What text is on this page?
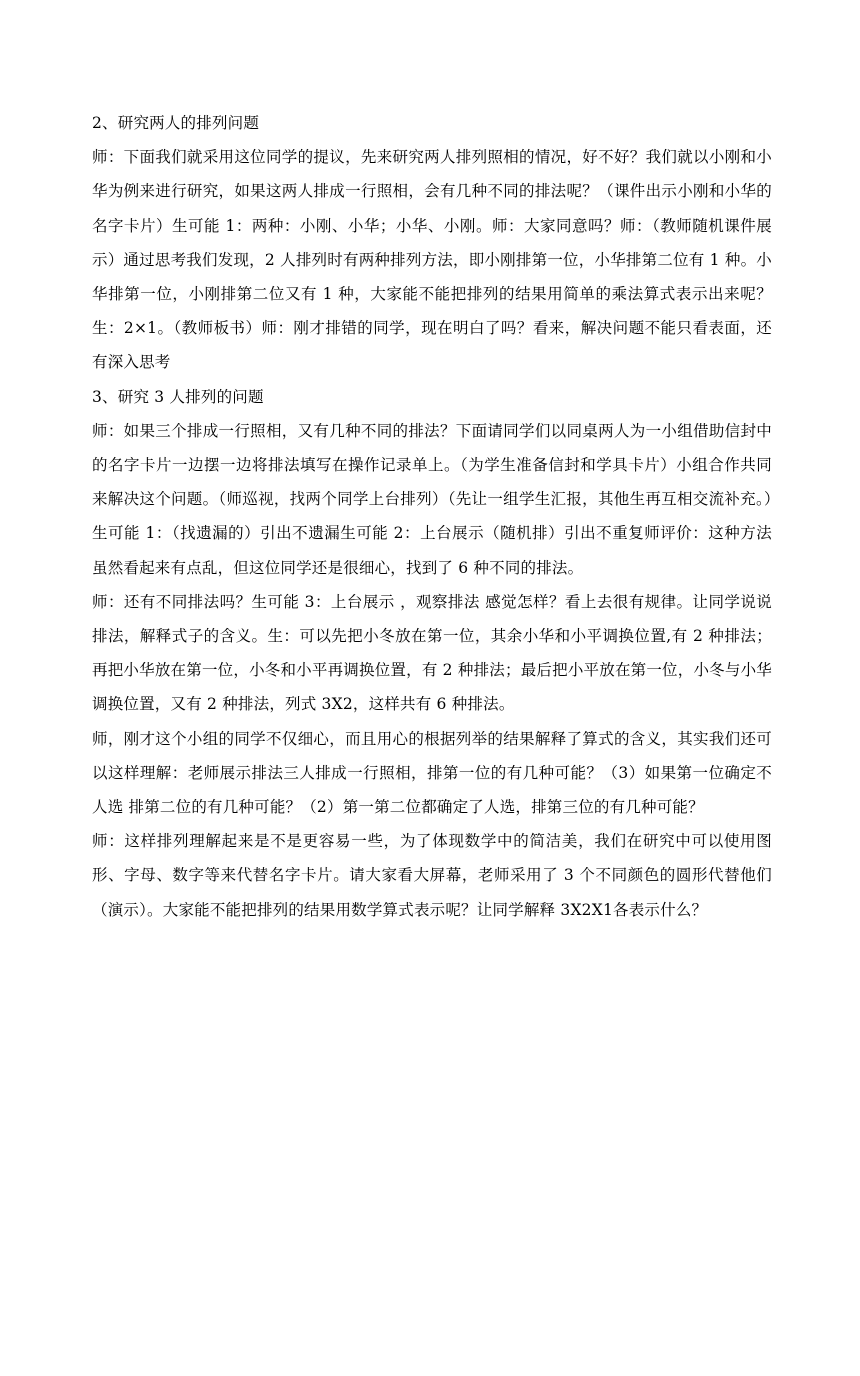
2、研究两人的排列问题

师：下面我们就采用这位同学的提议，先来研究两人排列照相的情况，好不好？我们就以小刚和小华为例来进行研究，如果这两人排成一行照相，会有几种不同的排法呢？（课件出示小刚和小华的名字卡片）生可能 1：两种：小刚、小华；小华、小刚。师：大家同意吗？师：（教师随机课件展示）通过思考我们发现，2 人排列时有两种排列方法，即小刚排第一位，小华排第二位有 1 种。小华排第一位，小刚排第二位又有 1 种，大家能不能把排列的结果用简单的乘法算式表示出来呢？生：2×1。（教师板书）师：刚才排错的同学，现在明白了吗？看来，解决问题不能只看表面，还有深入思考

3、研究 3 人排列的问题

师：如果三个排成一行照相，又有几种不同的排法？下面请同学们以同桌两人为一小组借助信封中的名字卡片一边摆一边将排法填写在操作记录单上。（为学生准备信封和学具卡片）小组合作共同来解决这个问题。（师巡视，找两个同学上台排列）（先让一组学生汇报，其他生再互相交流补充。）生可能 1：（找遗漏的）引出不遗漏生可能 2：上台展示（随机排）引出不重复师评价：这种方法虽然看起来有点乱，但这位同学还是很细心，找到了 6 种不同的排法。

师：还有不同排法吗？生可能 3：上台展示 ，观察排法 感觉怎样？看上去很有规律。让同学说说排法，解释式子的含义。生：可以先把小冬放在第一位，其余小华和小平调换位置,有 2 种排法；再把小华放在第一位，小冬和小平再调换位置，有 2 种排法；最后把小平放在第一位，小冬与小华调换位置，又有 2 种排法，列式 3X2，这样共有 6 种排法。

师，刚才这个小组的同学不仅细心，而且用心的根据列举的结果解释了算式的含义，其实我们还可以这样理解：老师展示排法三人排成一行照相，排第一位的有几种可能？（3）如果第一位确定不人选 排第二位的有几种可能？（2）第一第二位都确定了人选，排第三位的有几种可能？

师：这样排列理解起来是不是更容易一些，为了体现数学中的简洁美，我们在研究中可以使用图形、字母、数字等来代替名字卡片。请大家看大屏幕，老师采用了 3 个不同颜色的圆形代替他们（演示）。大家能不能把排列的结果用数学算式表示呢？让同学解释 3X2X1各表示什么？
